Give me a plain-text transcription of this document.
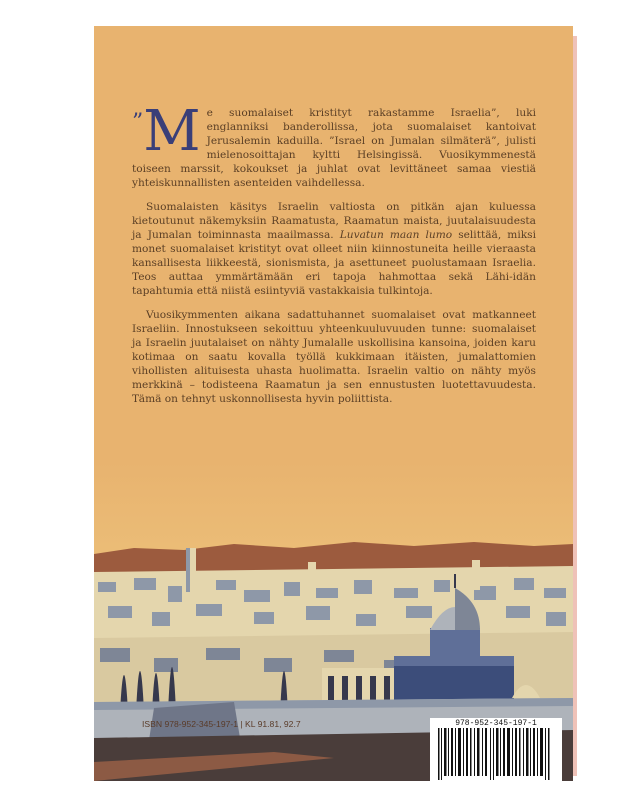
” M e suomalaiset kristityt rakastamme Israelia”, luki englanniksi banderollissa, jota suomalaiset kantoivat Jerusalemin kaduilla. ”Israel on Jumalan silmäterä”, julisti mielenosoittajan kyltti Helsingissä. Vuosikymmenestä toiseen marssit, kokoukset ja juhlat ovat levittäneet samaa viestiä yhteiskunnallisten asenteiden vaihdellessa.

Suomalaisten käsitys Israelin valtiosta on pitkän ajan kuluessa kietoutunut näkemyksiin Raamatusta, Raamatun maista, juutalaisuudesta ja Jumalan toiminnasta maailmassa. Luvatun maan lumo selittää, miksi monet suomalaiset kristityt ovat olleet niin kiinnostuneita heille vieraasta kansallisesta liikkeestä, sionismista, ja asettuneet puolustamaan Israelia. Teos auttaa ymmärtämään eri tapoja hahmottaa sekä Lähi-idän tapahtumia että niistä esiintyviä vastakkaisia tulkintoja.

Vuosikymmenten aikana sadattuhannet suomalaiset ovat matkanneet Israeliin. Innostukseen sekoittuu yhteenkuuluvuuden tunne: suomalaiset ja Israelin juutalaiset on nähty Jumalalle uskollisina kansoina, joiden karu kotimaa on saatu kovalla työllä kukkimaan itäisten, jumalattomien vihollisten alituisesta uhasta huolimatta. Israelin valtio on nähty myös merkkinä – todisteena Raamatun ja sen ennustusten luotettavuudesta. Tämä on tehnyt uskonnollisesta hyvin poliittista.

ISBN 978-952-345-197-1 | KL 91.81, 92.7	978-952-345-197-1
